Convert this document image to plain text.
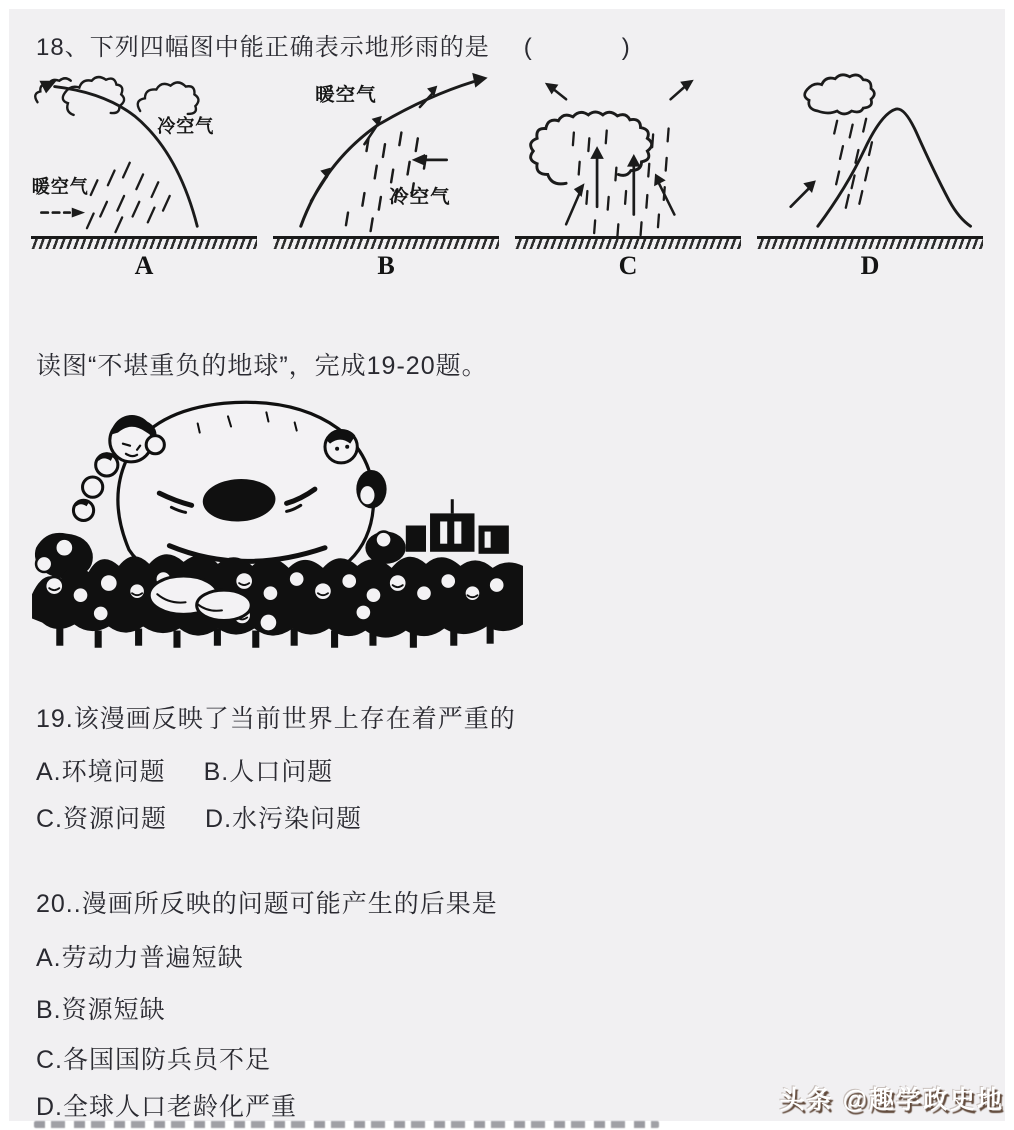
18、下列四幅图中能正确表示地形雨的是 (　　)
冷空气
暖空气
A
暖空气
冷空气
B	C	D
读图“不堪重负的地球”，完成19-20题。
19.该漫画反映了当前世界上存在着严重的
A.环境问题 B.人口问题
C.资源问题 D.水污染问题
20..漫画所反映的问题可能产生的后果是
A.劳动力普遍短缺
B.资源短缺
C.各国国防兵员不足
D.全球人口老龄化严重	头条 @趣学政史地
